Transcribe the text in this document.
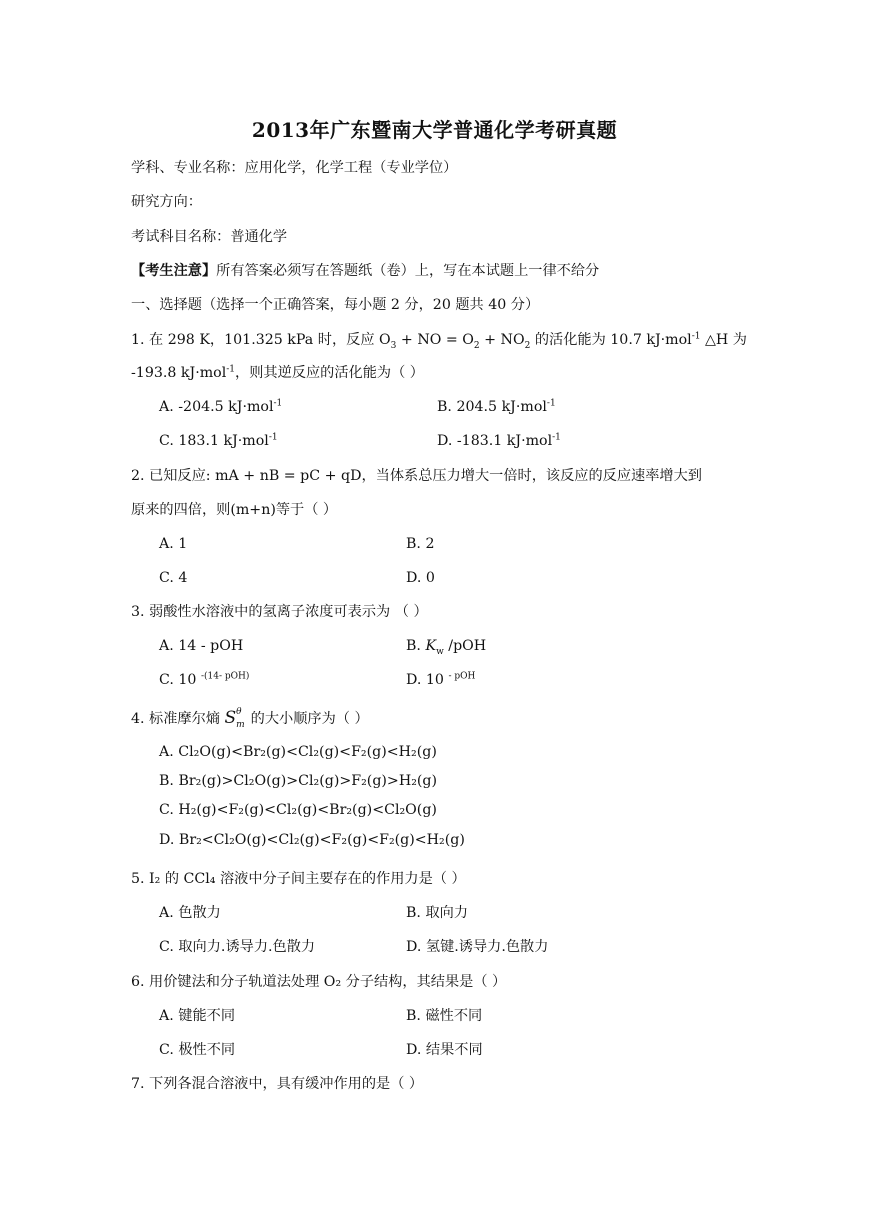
2013年广东暨南大学普通化学考研真题
学科、专业名称：应用化学，化学工程（专业学位）
研究方向：
考试科目名称：普通化学
【考生注意】所有答案必须写在答题纸（卷）上，写在本试题上一律不给分
一、选择题（选择一个正确答案，每小题 2 分，20 题共 40 分）
1. 在 298 K，101.325 kPa 时，反应 $O_3$ + NO = $O_2 + NO_2$ 的活化能为 10.7 kJ·mol$^{-1}$ △H 为
-193.8 kJ·mol$^{-1}$，则其逆反应的活化能为（ ）
A. -204.5 kJ·mol$^{-1}$	B. 204.5 kJ·mol$^{-1}$
C. 183.1 kJ·mol$^{-1}$	D. -183.1 kJ·mol$^{-1}$
2. 已知反应: mA + nB = pC + qD，当体系总压力增大一倍时，该反应的反应速率增大到
原来的四倍，则(m+n)等于（ ）
A. 1	B. 2
C. 4	D. 0
3. 弱酸性水溶液中的氢离子浓度可表示为 （ ）
A. 14 - pOH	B. $K_w$ /pOH
C. 10 $^{-(14- pOH)}$	D. 10 $^{- pOH}$
4. 标准摩尔熵 S θ
m 的大小顺序为（ ）
A. Cl₂O(g)<Br₂(g)<Cl₂(g)<F₂(g)<H₂(g)
B. Br₂(g)>Cl₂O(g)>Cl₂(g)>F₂(g)>H₂(g)
C. H₂(g)<F₂(g)<Cl₂(g)<Br₂(g)<Cl₂O(g)
D. Br₂<Cl₂O(g)<Cl₂(g)<F₂(g)<F₂(g)<H₂(g)
5. I₂ 的 CCl₄ 溶液中分子间主要存在的作用力是（ ）
A. 色散力	B. 取向力
C. 取向力.诱导力.色散力	D. 氢键.诱导力.色散力
6. 用价键法和分子轨道法处理 O₂ 分子结构，其结果是（ ）
A. 键能不同	B. 磁性不同
C. 极性不同	D. 结果不同
7. 下列各混合溶液中，具有缓冲作用的是（ ）
